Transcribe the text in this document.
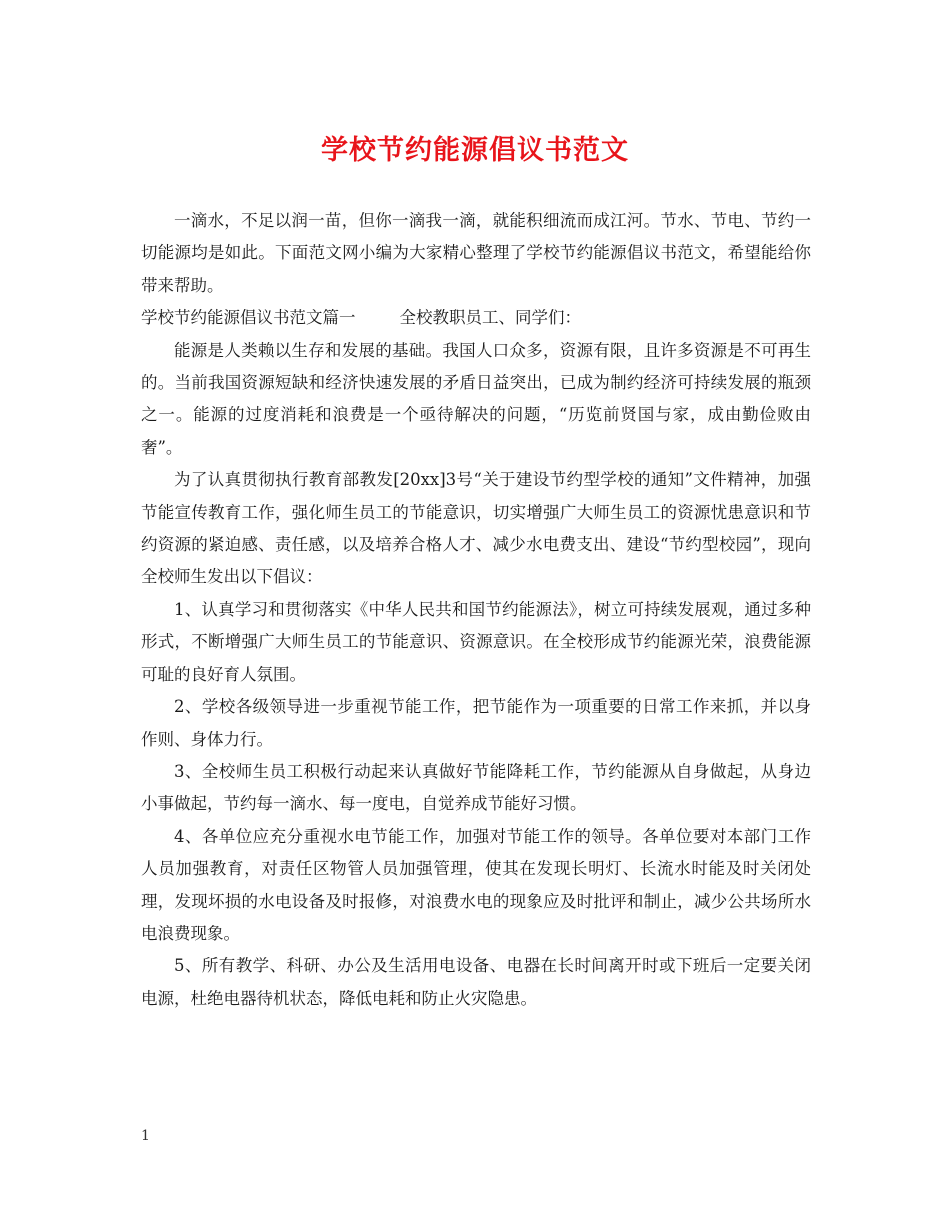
学校节约能源倡议书范文

一滴水，不足以润一苗，但你一滴我一滴，就能积细流而成江河。节水、节电、节约一切能源均是如此。下面范文网小编为大家精心整理了学校节约能源倡议书范文，希望能给你带来帮助。

学校节约能源倡议书范文篇一	全校教职员工、同学们：

能源是人类赖以生存和发展的基础。我国人口众多，资源有限，且许多资源是不可再生的。当前我国资源短缺和经济快速发展的矛盾日益突出，已成为制约经济可持续发展的瓶颈之一。能源的过度消耗和浪费是一个亟待解决的问题，“历览前贤国与家，成由勤俭败由奢”。

为了认真贯彻执行教育部教发[20xx]3号“关于建设节约型学校的通知”文件精神，加强节能宣传教育工作，强化师生员工的节能意识，切实增强广大师生员工的资源忧患意识和节约资源的紧迫感、责任感，以及培养合格人才、减少水电费支出、建设“节约型校园”，现向全校师生发出以下倡议：

1、认真学习和贯彻落实《中华人民共和国节约能源法》，树立可持续发展观，通过多种形式，不断增强广大师生员工的节能意识、资源意识。在全校形成节约能源光荣，浪费能源可耻的良好育人氛围。

2、学校各级领导进一步重视节能工作，把节能作为一项重要的日常工作来抓，并以身作则、身体力行。

3、全校师生员工积极行动起来认真做好节能降耗工作，节约能源从自身做起，从身边小事做起，节约每一滴水、每一度电，自觉养成节能好习惯。

4、各单位应充分重视水电节能工作，加强对节能工作的领导。各单位要对本部门工作人员加强教育，对责任区物管人员加强管理，使其在发现长明灯、长流水时能及时关闭处理，发现坏损的水电设备及时报修，对浪费水电的现象应及时批评和制止，减少公共场所水电浪费现象。

5、所有教学、科研、办公及生活用电设备、电器在长时间离开时或下班后一定要关闭电源，杜绝电器待机状态，降低电耗和防止火灾隐患。

1
